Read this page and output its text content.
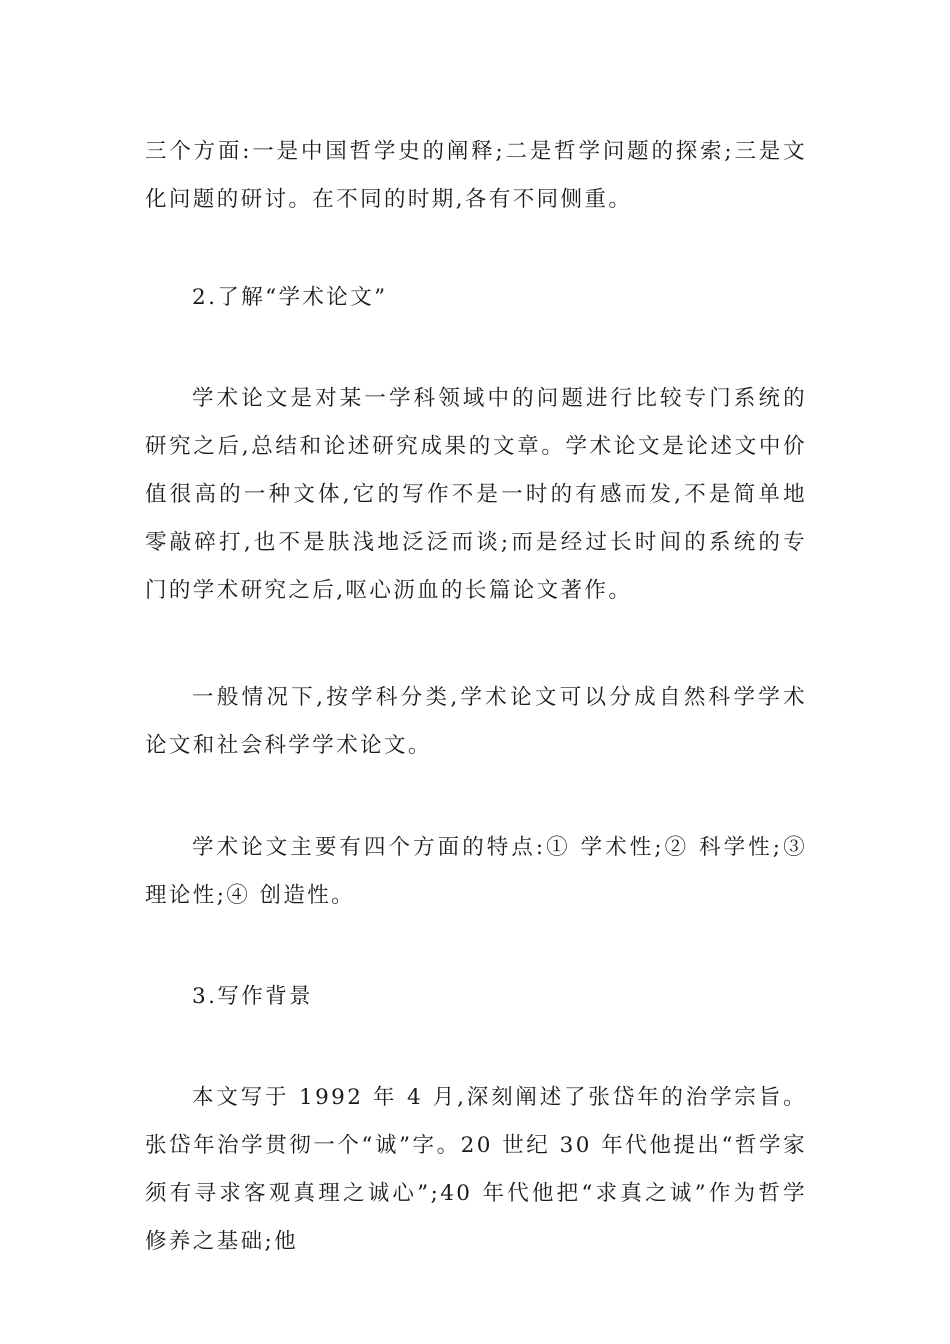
三个方面:一是中国哲学史的阐释;二是哲学问题的探索;三是文化问题的研讨。在不同的时期,各有不同侧重。

2.了解“学术论文”

学术论文是对某一学科领域中的问题进行比较专门系统的研究之后,总结和论述研究成果的文章。学术论文是论述文中价值很高的一种文体,它的写作不是一时的有感而发,不是简单地零敲碎打,也不是肤浅地泛泛而谈;而是经过长时间的系统的专门的学术研究之后,呕心沥血的长篇论文著作。

一般情况下,按学科分类,学术论文可以分成自然科学学术论文和社会科学学术论文。

学术论文主要有四个方面的特点:① 学术性;② 科学性;③ 理论性;④ 创造性。

3.写作背景

本文写于 1992 年 4 月,深刻阐述了张岱年的治学宗旨。张岱年治学贯彻一个“诚”字。20 世纪 30 年代他提出“哲学家须有寻求客观真理之诚心”;40 年代他把“求真之诚”作为哲学修养之基础;他
